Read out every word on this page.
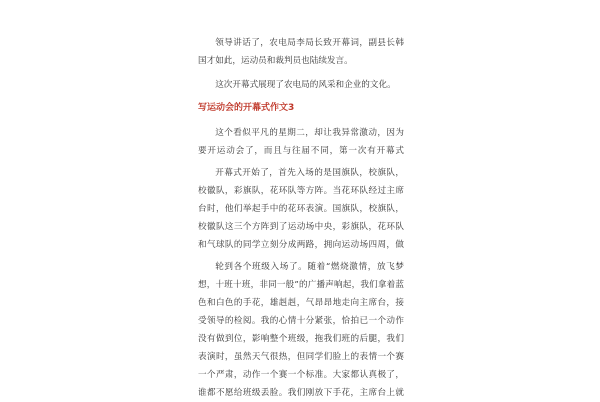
领导讲话了，农电局李局长致开幕词，副县长韩国才如此，运动员和裁判员也陆续发言。

这次开幕式展现了农电局的风采和企业的文化。

写运动会的开幕式作文3

这个看似平凡的星期二，却让我异常激动，因为要开运动会了，而且与往届不同，第一次有开幕式

开幕式开始了，首先入场的是国旗队，校旗队，校徽队，彩旗队，花环队等方阵。当花环队经过主席台时，他们举起手中的花环表演。国旗队，校旗队，校徽队这三个方阵到了运动场中央，彩旗队，花环队和气球队的同学立刻分成两路，拥向运动场四周，做

轮到各个班级入场了。随着“燃烧激情，放飞梦想，十班十班，非同一般”的广播声响起，我们拿着蓝色和白色的手花，雄赳赳，气昂昂地走向主席台，接受领导的检阅。我的心情十分紧张，恰拍已一个动作没有做到位，影响整个班级，拖我们班的后腿，我们表演时，虽然天气很热，但同学们脸上的表情一个赛一个严肃，动作一个赛一个标准。大家都认真极了，谁都不愿给班级丢脸。我们刚放下手花，主席台上就
